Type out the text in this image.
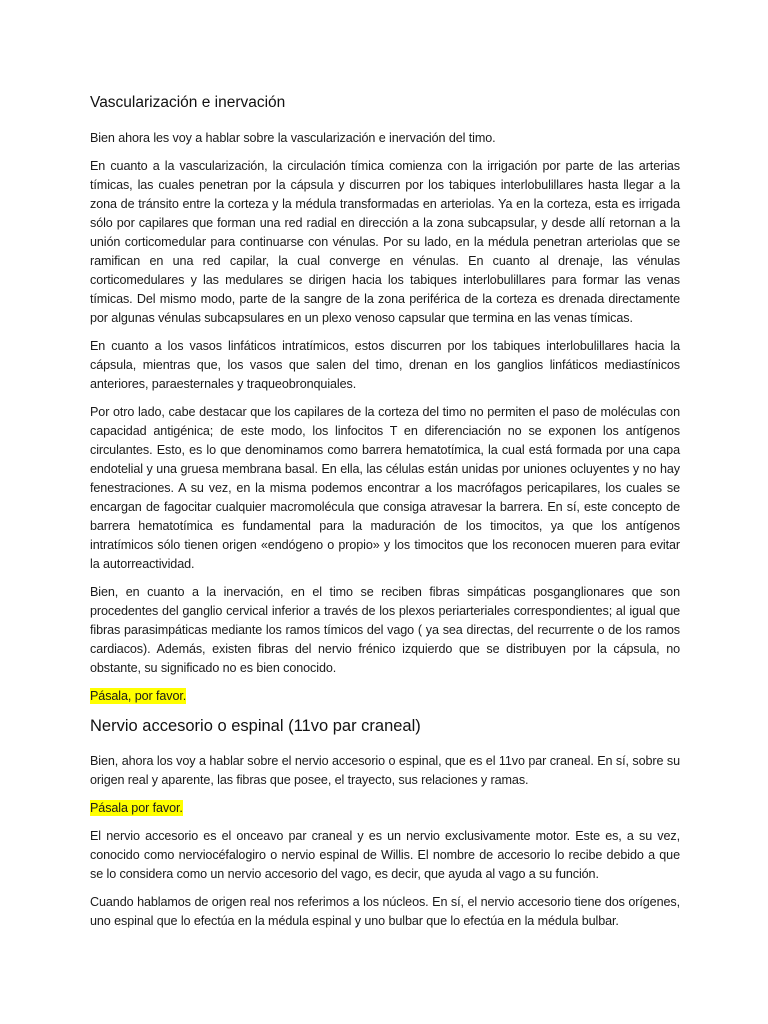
Vascularización e inervación

Bien ahora les voy a hablar sobre la vascularización e inervación del timo.

En cuanto a la vascularización, la circulación tímica comienza con la irrigación por parte de las arterias tímicas, las cuales penetran por la cápsula y discurren por los tabiques interlobulillares hasta llegar a la zona de tránsito entre la corteza y la médula transformadas en arteriolas. Ya en la corteza, esta es irrigada sólo por capilares que forman una red radial en dirección a la zona subcapsular, y desde allí retornan a la unión corticomedular para continuarse con vénulas. Por su lado, en la médula penetran arteriolas que se ramifican en una red capilar, la cual converge en vénulas. En cuanto al drenaje, las vénulas corticomedulares y las medulares se dirigen hacia los tabiques interlobulillares para formar las venas tímicas. Del mismo modo, parte de la sangre de la zona periférica de la corteza es drenada directamente por algunas vénulas subcapsulares en un plexo venoso capsular que termina en las venas tímicas.

En cuanto a los vasos linfáticos intratímicos, estos discurren por los tabiques interlobulillares hacia la cápsula, mientras que, los vasos que salen del timo, drenan en los ganglios linfáticos mediastínicos anteriores, paraesternales y traqueobronquiales.

Por otro lado, cabe destacar que los capilares de la corteza del timo no permiten el paso de moléculas con capacidad antigénica; de este modo, los linfocitos T en diferenciación no se exponen los antígenos circulantes. Esto, es lo que denominamos como barrera hematotímica, la cual está formada por una capa endotelial y una gruesa membrana basal. En ella, las células están unidas por uniones ocluyentes y no hay fenestraciones. A su vez, en la misma podemos encontrar a los macrófagos pericapilares, los cuales se encargan de fagocitar cualquier macromolécula que consiga atravesar la barrera. En sí, este concepto de barrera hematotímica es fundamental para la maduración de los timocitos, ya que los antígenos intratímicos sólo tienen origen «endógeno o propio» y los timocitos que los reconocen mueren para evitar la autorreactividad.

Bien, en cuanto a la inervación, en el timo se reciben fibras simpáticas posganglionares que son procedentes del ganglio cervical inferior a través de los plexos periarteriales correspondientes; al igual que fibras parasimpáticas mediante los ramos tímicos del vago ( ya sea directas, del recurrente o de los ramos cardiacos). Además, existen fibras del nervio frénico izquierdo que se distribuyen por la cápsula, no obstante, su significado no es bien conocido.

Pásala, por favor.

Nervio accesorio o espinal (11vo par craneal)

Bien, ahora los voy a hablar sobre el nervio accesorio o espinal, que es el 11vo par craneal. En sí, sobre su origen real y aparente, las fibras que posee, el trayecto, sus relaciones y ramas.

Pásala por favor.

El nervio accesorio es el onceavo par craneal y es un nervio exclusivamente motor. Este es, a su vez, conocido como nerviocéfalogiro o nervio espinal de Willis. El nombre de accesorio lo recibe debido a que se lo considera como un nervio accesorio del vago, es decir, que ayuda al vago a su función.

Cuando hablamos de origen real nos referimos a los núcleos. En sí, el nervio accesorio tiene dos orígenes, uno espinal que lo efectúa en la médula espinal y uno bulbar que lo efectúa en la médula bulbar.
